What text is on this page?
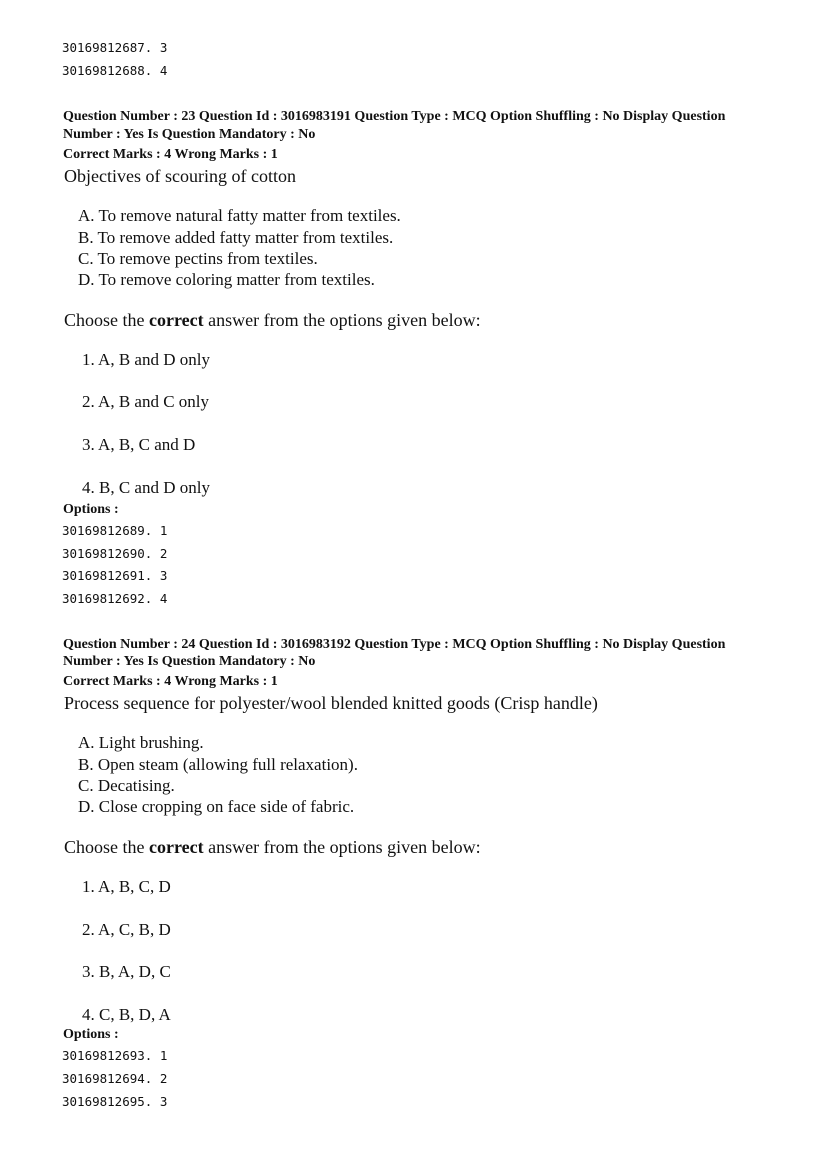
30169812687. 3
30169812688. 4
Question Number : 23 Question Id : 3016983191 Question Type : MCQ Option Shuffling : No Display Question
Number : Yes Is Question Mandatory : No
Correct Marks : 4 Wrong Marks : 1
Objectives of scouring of cotton
A. To remove natural fatty matter from textiles.
B. To remove added fatty matter from textiles.
C. To remove pectins from textiles.
D. To remove coloring matter from textiles.
Choose the correct answer from the options given below:
1. A, B and D only
2. A, B and C only
3. A, B, C and D
4. B, C and D only
Options :
30169812689. 1
30169812690. 2
30169812691. 3
30169812692. 4
Question Number : 24 Question Id : 3016983192 Question Type : MCQ Option Shuffling : No Display Question
Number : Yes Is Question Mandatory : No
Correct Marks : 4 Wrong Marks : 1
Process sequence for polyester/wool blended knitted goods (Crisp handle)
A. Light brushing.
B. Open steam (allowing full relaxation).
C. Decatising.
D. Close cropping on face side of fabric.
Choose the correct answer from the options given below:
1. A, B, C, D
2. A, C, B, D
3. B, A, D, C
4. C, B, D, A
Options :
30169812693. 1
30169812694. 2
30169812695. 3
